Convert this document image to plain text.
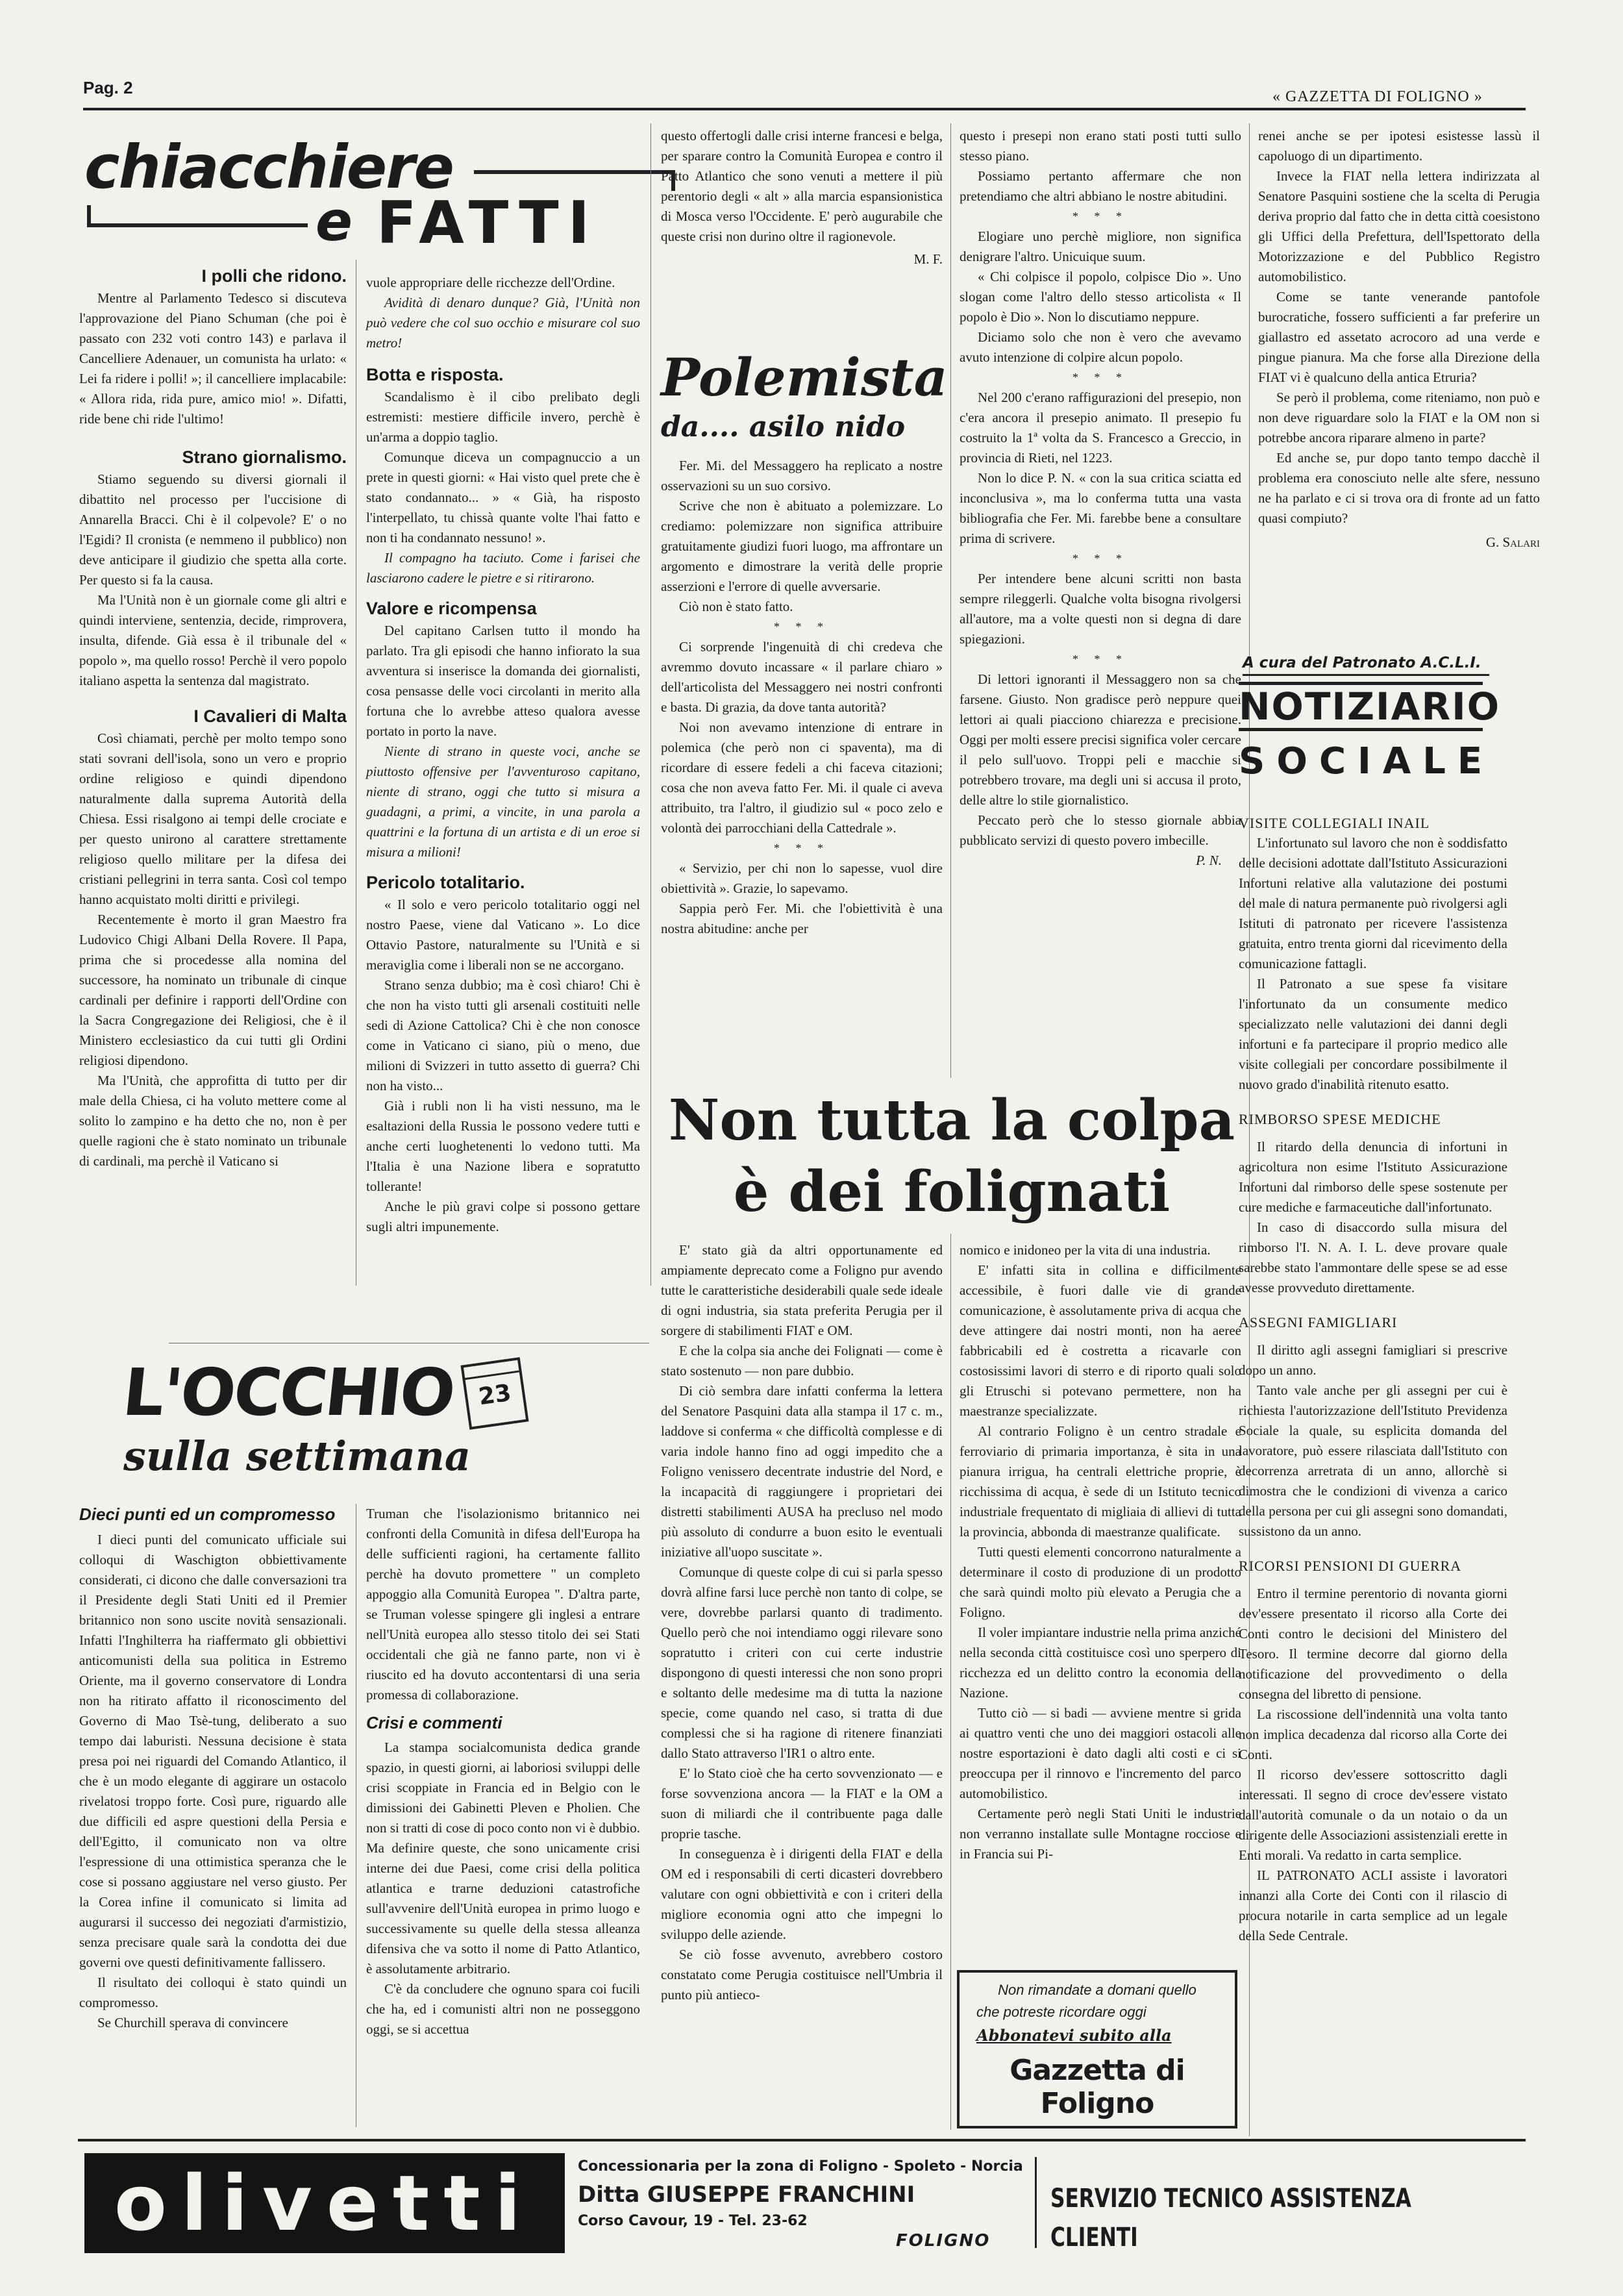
Pag. 2	« GAZZETTA DI FOLIGNO »
chiacchiere
e FATTI
I polli che ridono.

Mentre al Parlamento Tedesco si discuteva l'approvazione del Piano Schuman (che poi è passato con 232 voti contro 143) e parlava il Cancelliere Adenauer, un comunista ha urlato: « Lei fa ridere i polli! »; il cancelliere implacabile: « Allora rida, rida pure, amico mio! ». Difatti, ride bene chi ride l'ultimo!

Strano giornalismo.

Stiamo seguendo su diversi giornali il dibattito nel processo per l'uccisione di Annarella Bracci. Chi è il colpevole? E' o no l'Egidi? Il cronista (e nemmeno il pubblico) non deve anticipare il giudizio che spetta alla corte. Per questo si fa la causa.

Ma l'Unità non è un giornale come gli altri e quindi interviene, sentenzia, decide, rimprovera, insulta, difende. Già essa è il tribunale del « popolo », ma quello rosso! Perchè il vero popolo italiano aspetta la sentenza dal magistrato.

I Cavalieri di Malta

Così chiamati, perchè per molto tempo sono stati sovrani dell'isola, sono un vero e proprio ordine religioso e quindi dipendono naturalmente dalla suprema Autorità della Chiesa. Essi risalgono ai tempi delle crociate e per questo unirono al carattere strettamente religioso quello militare per la difesa dei cristiani pellegrini in terra santa. Così col tempo hanno acquistato molti diritti e privilegi.

Recentemente è morto il gran Maestro fra Ludovico Chigi Albani Della Rovere. Il Papa, prima che si procedesse alla nomina del successore, ha nominato un tribunale di cinque cardinali per definire i rapporti dell'Ordine con la Sacra Congregazione dei Religiosi, che è il Ministero ecclesiastico da cui tutti gli Ordini religiosi dipendono.

Ma l'Unità, che approfitta di tutto per dir male della Chiesa, ci ha voluto mettere come al solito lo zampino e ha detto che no, non è per quelle ragioni che è stato nominato un tribunale di cardinali, ma perchè il Vaticano si

vuole appropriare delle ricchezze dell'Ordine.

Avidità di denaro dunque? Già, l'Unità non può vedere che col suo occhio e misurare col suo metro!

Botta e risposta.

Scandalismo è il cibo prelibato degli estremisti: mestiere difficile invero, perchè è un'arma a doppio taglio.

Comunque diceva un compagnuccio a un prete in questi giorni: « Hai visto quel prete che è stato condannato... » « Già, ha risposto l'interpellato, tu chissà quante volte l'hai fatto e non ti ha condannato nessuno! ».

Il compagno ha taciuto. Come i farisei che lasciarono cadere le pietre e si ritirarono.

Valore e ricompensa

Del capitano Carlsen tutto il mondo ha parlato. Tra gli episodi che hanno infiorato la sua avventura si inserisce la domanda dei giornalisti, cosa pensasse delle voci circolanti in merito alla fortuna che lo avrebbe atteso qualora avesse portato in porto la nave.

Niente di strano in queste voci, anche se piuttosto offensive per l'avventuroso capitano, niente di strano, oggi che tutto si misura a guadagni, a primi, a vincite, in una parola a quattrini e la fortuna di un artista e di un eroe si misura a milioni!

Pericolo totalitario.

« Il solo e vero pericolo totalitario oggi nel nostro Paese, viene dal Vaticano ». Lo dice Ottavio Pastore, naturalmente su l'Unità e si meraviglia come i liberali non se ne accorgano.

Strano senza dubbio; ma è così chiaro! Chi è che non ha visto tutti gli arsenali costituiti nelle sedi di Azione Cattolica? Chi è che non conosce come in Vaticano ci siano, più o meno, due milioni di Svizzeri in tutto assetto di guerra? Chi non ha visto...

Già i rubli non li ha visti nessuno, ma le esaltazioni della Russia le possono vedere tutti e anche certi luoghetenenti lo vedono tutti. Ma l'Italia è una Nazione libera e sopratutto tollerante!

Anche le più gravi colpe si possono gettare sugli altri impunemente.

questo offertogli dalle crisi interne francesi e belga, per sparare contro la Comunità Europea e contro il Patto Atlantico che sono venuti a mettere il più perentorio degli « alt » alla marcia espansionistica di Mosca verso l'Occidente. E' però augurabile che queste crisi non durino oltre il ragionevole.

M. F.
Polemista
da.... asilo nido

Fer. Mi. del Messaggero ha replicato a nostre osservazioni su un suo corsivo.

Scrive che non è abituato a polemizzare. Lo crediamo: polemizzare non significa attribuire gratuitamente giudizi fuori luogo, ma affrontare un argomento e dimostrare la verità delle proprie asserzioni e l'errore di quelle avversarie.

Ciò non è stato fatto.

* * *

Ci sorprende l'ingenuità di chi credeva che avremmo dovuto incassare « il parlare chiaro » dell'articolista del Messaggero nei nostri confronti e basta. Di grazia, da dove tanta autorità?

Noi non avevamo intenzione di entrare in polemica (che però non ci spaventa), ma di ricordare di essere fedeli a chi faceva citazioni; cosa che non aveva fatto Fer. Mi. il quale ci aveva attribuito, tra l'altro, il giudizio sul « poco zelo e volontà dei parrocchiani della Cattedrale ».

* * *

« Servizio, per chi non lo sapesse, vuol dire obiettività ». Grazie, lo sapevamo.

Sappia però Fer. Mi. che l'obiettività è una nostra abitudine: anche per

questo i presepi non erano stati posti tutti sullo stesso piano.

Possiamo pertanto affermare che non pretendiamo che altri abbiano le nostre abitudini.

* * *

Elogiare uno perchè migliore, non significa denigrare l'altro. Unicuique suum.

« Chi colpisce il popolo, colpisce Dio ». Uno slogan come l'altro dello stesso articolista « Il popolo è Dio ». Non lo discutiamo neppure.

Diciamo solo che non è vero che avevamo avuto intenzione di colpire alcun popolo.

* * *

Nel 200 c'erano raffigurazioni del presepio, non c'era ancora il presepio animato. Il presepio fu costruito la 1ª volta da S. Francesco a Greccio, in provincia di Rieti, nel 1223.

Non lo dice P. N. « con la sua critica sciatta ed inconclusiva », ma lo conferma tutta una vasta bibliografia che Fer. Mi. farebbe bene a consultare prima di scrivere.

* * *

Per intendere bene alcuni scritti non basta sempre rileggerli. Qualche volta bisogna rivolgersi all'autore, ma a volte questi non si degna di dare spiegazioni.

* * *

Di lettori ignoranti il Messaggero non sa che farsene. Giusto. Non gradisce però neppure quei lettori ai quali piacciono chiarezza e precisione. Oggi per molti essere precisi significa voler cercare il pelo sull'uovo. Troppi peli e macchie si potrebbero trovare, ma degli uni si accusa il proto, delle altre lo stile giornalistico.

Peccato però che lo stesso giornale abbia pubblicato servizi di questo povero imbecille.

P. N.

renei anche se per ipotesi esistesse lassù il capoluogo di un dipartimento.

Invece la FIAT nella lettera indirizzata al Senatore Pasquini sostiene che la scelta di Perugia deriva proprio dal fatto che in detta città coesistono gli Uffici della Prefettura, dell'Ispettorato della Motorizzazione e del Pubblico Registro automobilistico.

Come se tante venerande pantofole burocratiche, fossero sufficienti a far preferire un giallastro ed assetato acrocoro ad una verde e pingue pianura. Ma che forse alla Direzione della FIAT vi è qualcuno della antica Etruria?

Se però il problema, come riteniamo, non può e non deve riguardare solo la FIAT e la OM non si potrebbe ancora riparare almeno in parte?

Ed anche se, pur dopo tanto tempo dacchè il problema era conosciuto nelle alte sfere, nessuno ne ha parlato e ci si trova ora di fronte ad un fatto quasi compiuto?

G. Salari
A cura del Patronato A.C.L.I.
NOTIZIARIO
SOCIALE
VISITE COLLEGIALI INAIL

L'infortunato sul lavoro che non è soddisfatto delle decisioni adottate dall'Istituto Assicurazioni Infortuni relative alla valutazione dei postumi del male di natura permanente può rivolgersi agli Istituti di patronato per ricevere l'assistenza gratuita, entro trenta giorni dal ricevimento della comunicazione fattagli.

Il Patronato a sue spese fa visitare l'infortunato da un consumente medico specializzato nelle valutazioni dei danni degli infortuni e fa partecipare il proprio medico alle visite collegiali per concordare possibilmente il nuovo grado d'inabilità ritenuto esatto.

RIMBORSO SPESE MEDICHE

Il ritardo della denuncia di infortuni in agricoltura non esime l'Istituto Assicurazione Infortuni dal rimborso delle spese sostenute per cure mediche e farmaceutiche dall'infortunato.

In caso di disaccordo sulla misura del rimborso l'I. N. A. I. L. deve provare quale sarebbe stato l'ammontare delle spese se ad esse avesse provveduto direttamente.

ASSEGNI FAMIGLIARI

Il diritto agli assegni famigliari si prescrive dopo un anno.

Tanto vale anche per gli assegni per cui è richiesta l'autorizzazione dell'Istituto Previdenza Sociale la quale, su esplicita domanda del lavoratore, può essere rilasciata dall'Istituto con decorrenza arretrata di un anno, allorchè si dimostra che le condizioni di vivenza a carico della persona per cui gli assegni sono domandati, sussistono da un anno.

RICORSI PENSIONI DI GUERRA

Entro il termine perentorio di novanta giorni dev'essere presentato il ricorso alla Corte dei Conti contro le decisioni del Ministero del Tesoro. Il termine decorre dal giorno della notificazione del provvedimento o della consegna del libretto di pensione.

La riscossione dell'indennità una volta tanto non implica decadenza dal ricorso alla Corte dei Conti.

Il ricorso dev'essere sottoscritto dagli interessati. Il segno di croce dev'essere vistato dall'autorità comunale o da un notaio o da un dirigente delle Associazioni assistenziali erette in Enti morali. Va redatto in carta semplice.

IL PATRONATO ACLI assiste i lavoratori innanzi alla Corte dei Conti con il rilascio di procura notarile in carta semplice ad un legale della Sede Centrale.

Non tutta la colpa
è dei folignati

E' stato già da altri opportunamente ed ampiamente deprecato come a Foligno pur avendo tutte le caratteristiche desiderabili quale sede ideale di ogni industria, sia stata preferita Perugia per il sorgere di stabilimenti FIAT e OM.

E che la colpa sia anche dei Folignati — come è stato sostenuto — non pare dubbio.

Di ciò sembra dare infatti conferma la lettera del Senatore Pasquini data alla stampa il 17 c. m., laddove si conferma « che difficoltà complesse e di varia indole hanno fino ad oggi impedito che a Foligno venissero decentrate industrie del Nord, e la incapacità di raggiungere i proprietari dei distretti stabilimenti AUSA ha precluso nel modo più assoluto di condurre a buon esito le eventuali iniziative all'uopo suscitate ».

Comunque di queste colpe di cui si parla spesso dovrà alfine farsi luce perchè non tanto di colpe, se vere, dovrebbe parlarsi quanto di tradimento. Quello però che noi intendiamo oggi rilevare sono sopratutto i criteri con cui certe industrie dispongono di questi interessi che non sono propri e soltanto delle medesime ma di tutta la nazione specie, come quando nel caso, si tratta di due complessi che si ha ragione di ritenere finanziati dallo Stato attraverso l'IR1 o altro ente.

E' lo Stato cioè che ha certo sovvenzionato — e forse sovvenziona ancora — la FIAT e la OM a suon di miliardi che il contribuente paga dalle proprie tasche.

In conseguenza è i dirigenti della FIAT e della OM ed i responsabili di certi dicasteri dovrebbero valutare con ogni obbiettività e con i criteri della migliore economia ogni atto che impegni lo sviluppo delle aziende.

Se ciò fosse avvenuto, avrebbero costoro constatato come Perugia costituisce nell'Umbria il punto più antieco-

nomico e inidoneo per la vita di una industria.

E' infatti sita in collina e difficilmente accessibile, è fuori dalle vie di grande comunicazione, è assolutamente priva di acqua che deve attingere dai nostri monti, non ha aeree fabbricabili ed è costretta a ricavarle con costosissimi lavori di sterro e di riporto quali solo gli Etruschi si potevano permettere, non ha maestranze specializzate.

Al contrario Foligno è un centro stradale e ferroviario di primaria importanza, è sita in una pianura irrigua, ha centrali elettriche proprie, è ricchissima di acqua, è sede di un Istituto tecnico industriale frequentato di migliaia di allievi di tutta la provincia, abbonda di maestranze qualificate.

Tutti questi elementi concorrono naturalmente a determinare il costo di produzione di un prodotto che sarà quindi molto più elevato a Perugia che a Foligno.

Il voler impiantare industrie nella prima anziché nella seconda città costituisce così uno sperpero di ricchezza ed un delitto contro la economia della Nazione.

Tutto ciò — si badi — avviene mentre si grida ai quattro venti che uno dei maggiori ostacoli alle nostre esportazioni è dato dagli alti costi e ci si preoccupa per il rinnovo e l'incremento del parco automobilistico.

Certamente però negli Stati Uniti le industrie non verranno installate sulle Montagne rocciose e in Francia sui Pi-

Non rimandate a domani quello
che potreste ricordare oggi
Abbonatevi subito alla
Gazzetta di Foligno
L'OCCHIO 23
sulla settimana
Dieci punti ed un compromesso

I dieci punti del comunicato ufficiale sui colloqui di Waschigton obbiettivamente considerati, ci dicono che dalle conversazioni tra il Presidente degli Stati Uniti ed il Premier britannico non sono uscite novità sensazionali. Infatti l'Inghilterra ha riaffermato gli obbiettivi anticomunisti della sua politica in Estremo Oriente, ma il governo conservatore di Londra non ha ritirato affatto il riconoscimento del Governo di Mao Tsè-tung, deliberato a suo tempo dai laburisti. Nessuna decisione è stata presa poi nei riguardi del Comando Atlantico, il che è un modo elegante di aggirare un ostacolo rivelatosi troppo forte. Così pure, riguardo alle due difficili ed aspre questioni della Persia e dell'Egitto, il comunicato non va oltre l'espressione di una ottimistica speranza che le cose si possano aggiustare nel verso giusto. Per la Corea infine il comunicato si limita ad augurarsi il successo dei negoziati d'armistizio, senza precisare quale sarà la condotta dei due governi ove questi definitivamente fallissero.

Il risultato dei colloqui è stato quindi un compromesso.

Se Churchill sperava di convincere

Truman che l'isolazionismo britannico nei confronti della Comunità in difesa dell'Europa ha delle sufficienti ragioni, ha certamente fallito perchè ha dovuto promettere " un completo appoggio alla Comunità Europea ". D'altra parte, se Truman volesse spingere gli inglesi a entrare nell'Unità europea allo stesso titolo dei sei Stati occidentali che già ne fanno parte, non vi è riuscito ed ha dovuto accontentarsi di una seria promessa di collaborazione.

Crisi e commenti

La stampa socialcomunista dedica grande spazio, in questi giorni, ai laboriosi sviluppi delle crisi scoppiate in Francia ed in Belgio con le dimissioni dei Gabinetti Pleven e Pholien. Che non si tratti di cose di poco conto non vi è dubbio. Ma definire queste, che sono unicamente crisi interne dei due Paesi, come crisi della politica atlantica e trarne deduzioni catastrofiche sull'avvenire dell'Unità europea in primo luogo e successivamente su quelle della stessa alleanza difensiva che va sotto il nome di Patto Atlantico, è assolutamente arbitrario.

C'è da concludere che ognuno spara coi fucili che ha, ed i comunisti altri non ne posseggono oggi, se si accettua

olivetti	Concessionaria per la zona di Foligno - Spoleto - Norcia
Ditta GIUSEPPE FRANCHINI
Corso Cavour, 19 - Tel. 23-62
FOLIGNO
SERVIZIO TECNICO ASSISTENZA CLIENTI
